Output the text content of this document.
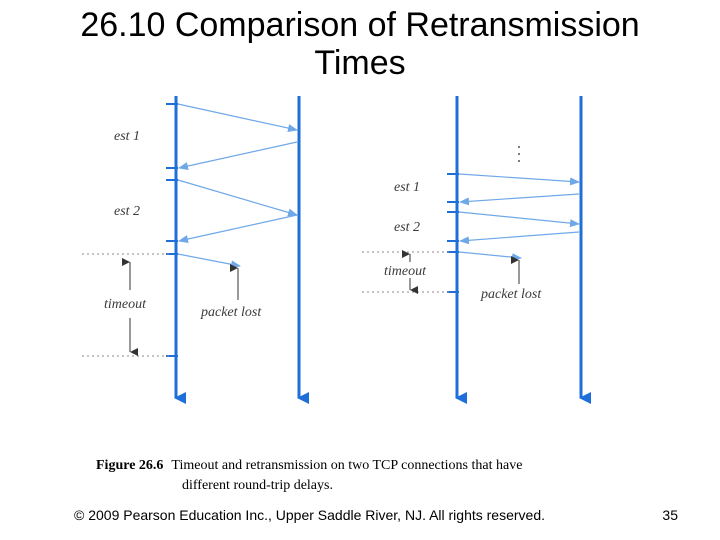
26.10 Comparison of Retransmission
Times
est 1
est 2
timeout
packet lost
est 1
est 2
timeout
packet lost
Figure 26.6 Timeout and retransmission on two TCP connections that have
different round-trip delays.
© 2009 Pearson Education Inc., Upper Saddle River, NJ. All rights reserved.	35
